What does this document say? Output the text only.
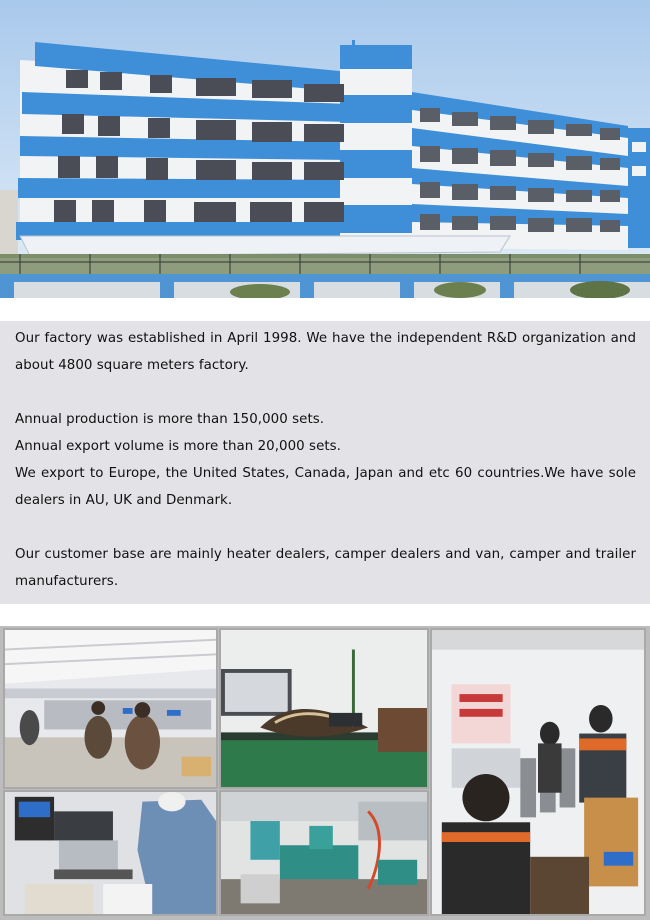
Our factory was established in April 1998. We have the independent R&D organization and about 4800 square meters factory.

Annual production is more than 150,000 sets.

Annual export volume is more than 20,000 sets.

We export to Europe, the United States, Canada, Japan and etc 60 countries.We have sole dealers in AU, UK and Denmark.

Our customer base are mainly heater dealers, camper dealers and van, camper and trailer manufacturers.
